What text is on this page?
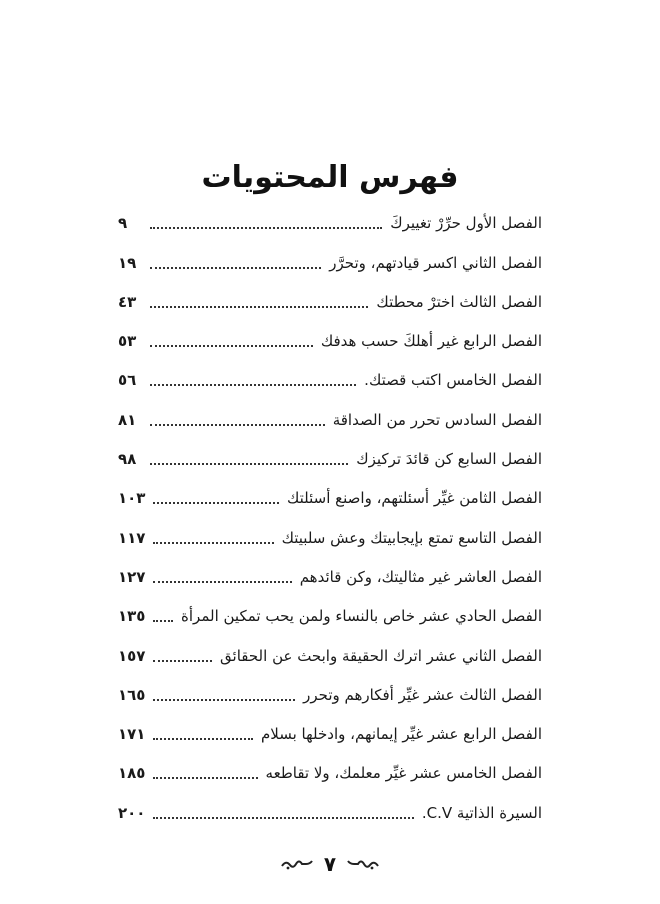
فهرس المحتويات
الفصل الأول حرِّرْ تغييركَ
٩
الفصل الثاني اكسر قيادتهم، وتحرَّر
١٩
الفصل الثالث اخترْ محطتك
٤٣
الفصل الرابع غير أهلكَ حسب هدفك
٥٣
الفصل الخامس اكتب قصتك.
٥٦
الفصل السادس تحرر من الصداقة
٨١
الفصل السابع كن قائدَ تركيزك
٩٨
الفصل الثامن غيِّر أسئلتهم، واصنع أسئلتك
١٠٣
الفصل التاسع تمتع بإيجابيتك وعش سلبيتك
١١٧
الفصل العاشر غير مثاليتك، وكن قائدهم
١٢٧
الفصل الحادي عشر خاص بالنساء ولمن يحب تمكين المرأة
١٣٥
الفصل الثاني عشر اترك الحقيقة وابحث عن الحقائق
١٥٧
الفصل الثالث عشر غيِّر أفكارهم وتحرر
١٦٥
الفصل الرابع عشر غيِّر إيمانهم، وادخلها بسلام
١٧١
الفصل الخامس عشر غيِّر معلمك، ولا تقاطعه
١٨٥
السيرة الذاتية C.V.
٢٠٠
٧
